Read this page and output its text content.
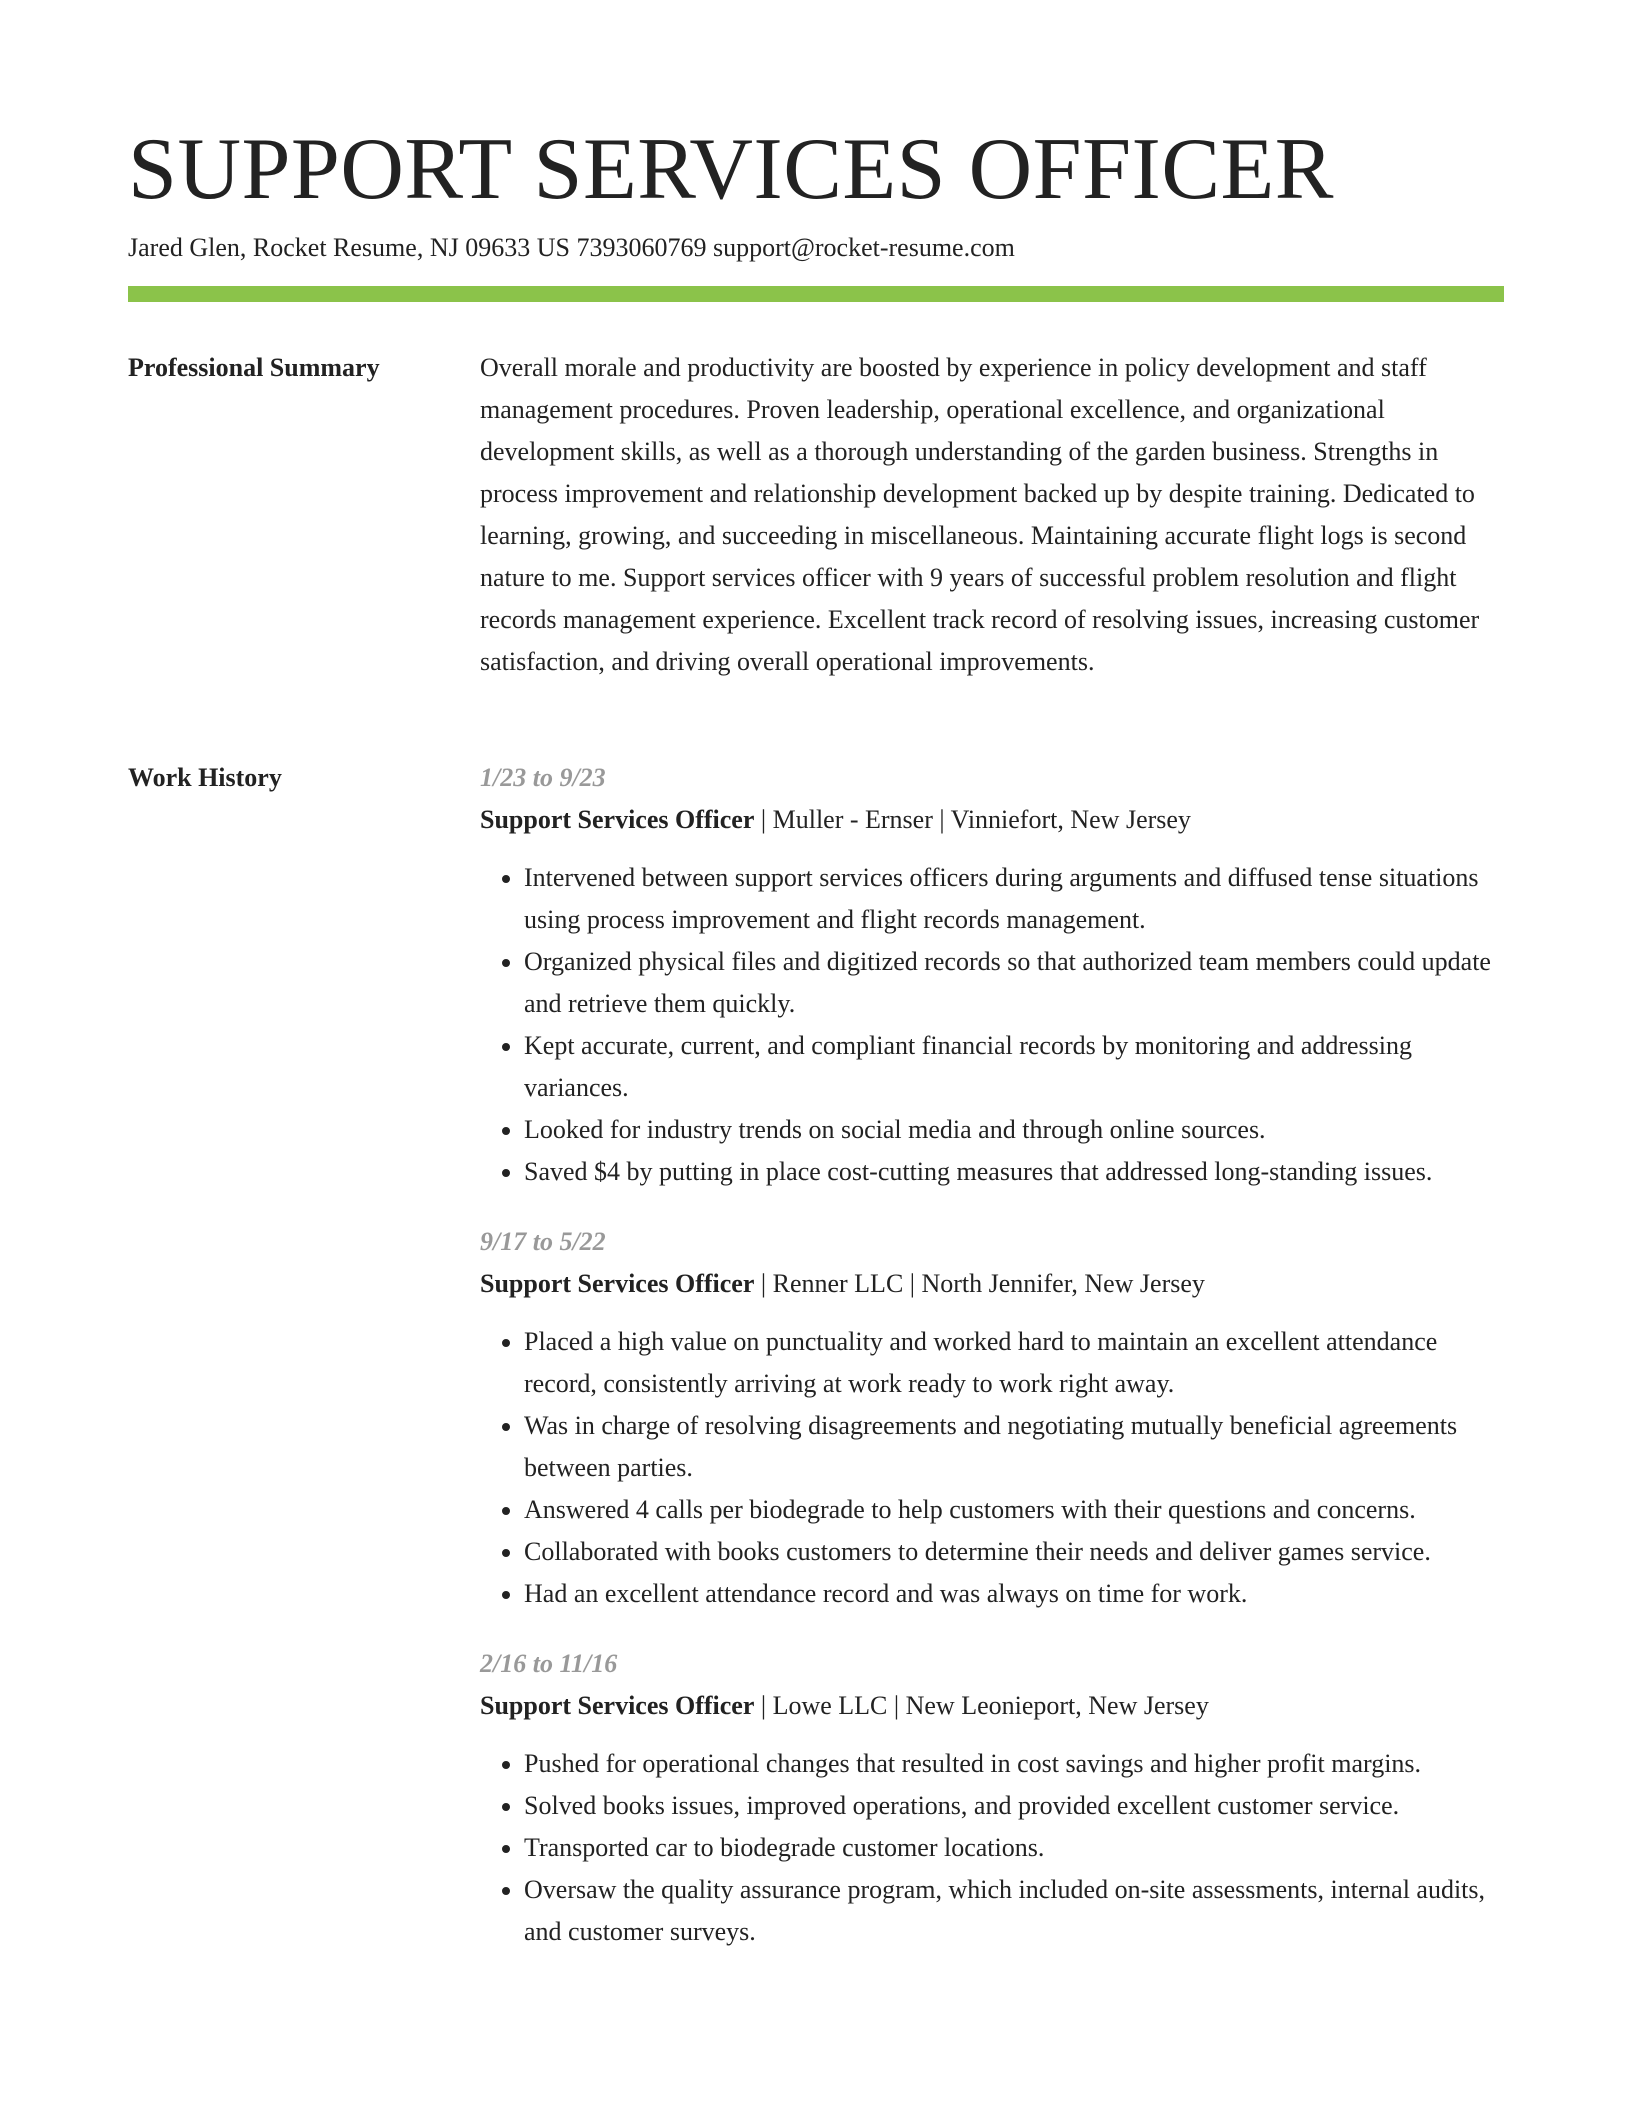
SUPPORT SERVICES OFFICER
Jared Glen, Rocket Resume, NJ 09633 US 7393060769 support@rocket-resume.com
Professional Summary	Overall morale and productivity are boosted by experience in policy development and staff management procedures. Proven leadership, operational excellence, and organizational development skills, as well as a thorough understanding of the garden business. Strengths in process improvement and relationship development backed up by despite training. Dedicated to learning, growing, and succeeding in miscellaneous. Maintaining accurate flight logs is second nature to me. Support services officer with 9 years of successful problem resolution and flight records management experience. Excellent track record of resolving issues, increasing customer satisfaction, and driving overall operational improvements.

Work History	1/23 to 9/23
Support Services Officer | Muller - Ernser | Vinniefort, New Jersey
• Intervened between support services officers during arguments and diffused tense situations using process improvement and flight records management.
• Organized physical files and digitized records so that authorized team members could update and retrieve them quickly.
• Kept accurate, current, and compliant financial records by monitoring and addressing variances.
• Looked for industry trends on social media and through online sources.
• Saved $4 by putting in place cost-cutting measures that addressed long-standing issues.
9/17 to 5/22
Support Services Officer | Renner LLC | North Jennifer, New Jersey
• Placed a high value on punctuality and worked hard to maintain an excellent attendance record, consistently arriving at work ready to work right away.
• Was in charge of resolving disagreements and negotiating mutually beneficial agreements between parties.
• Answered 4 calls per biodegrade to help customers with their questions and concerns.
• Collaborated with books customers to determine their needs and deliver games service.
• Had an excellent attendance record and was always on time for work.
2/16 to 11/16
Support Services Officer | Lowe LLC | New Leonieport, New Jersey
• Pushed for operational changes that resulted in cost savings and higher profit margins.
• Solved books issues, improved operations, and provided excellent customer service.
• Transported car to biodegrade customer locations.
• Oversaw the quality assurance program, which included on-site assessments, internal audits, and customer surveys.
